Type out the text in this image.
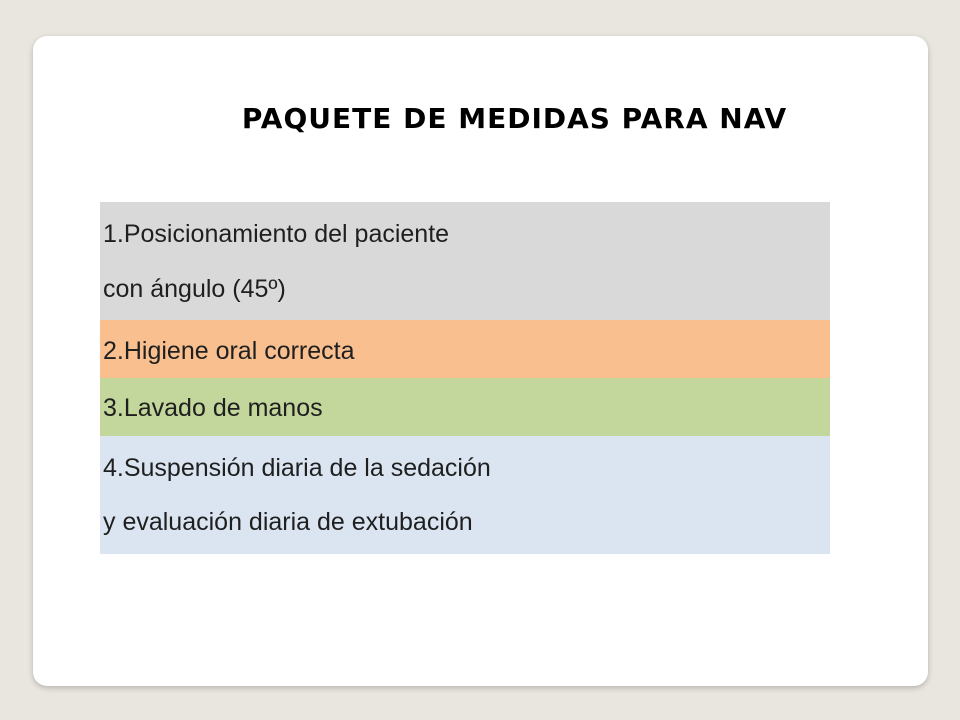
PAQUETE DE MEDIDAS PARA NAV
1.Posicionamiento del paciente
con ángulo (45º)
2.Higiene oral correcta
3.Lavado de manos
4.Suspensión diaria de la sedación
y evaluación diaria de extubación
